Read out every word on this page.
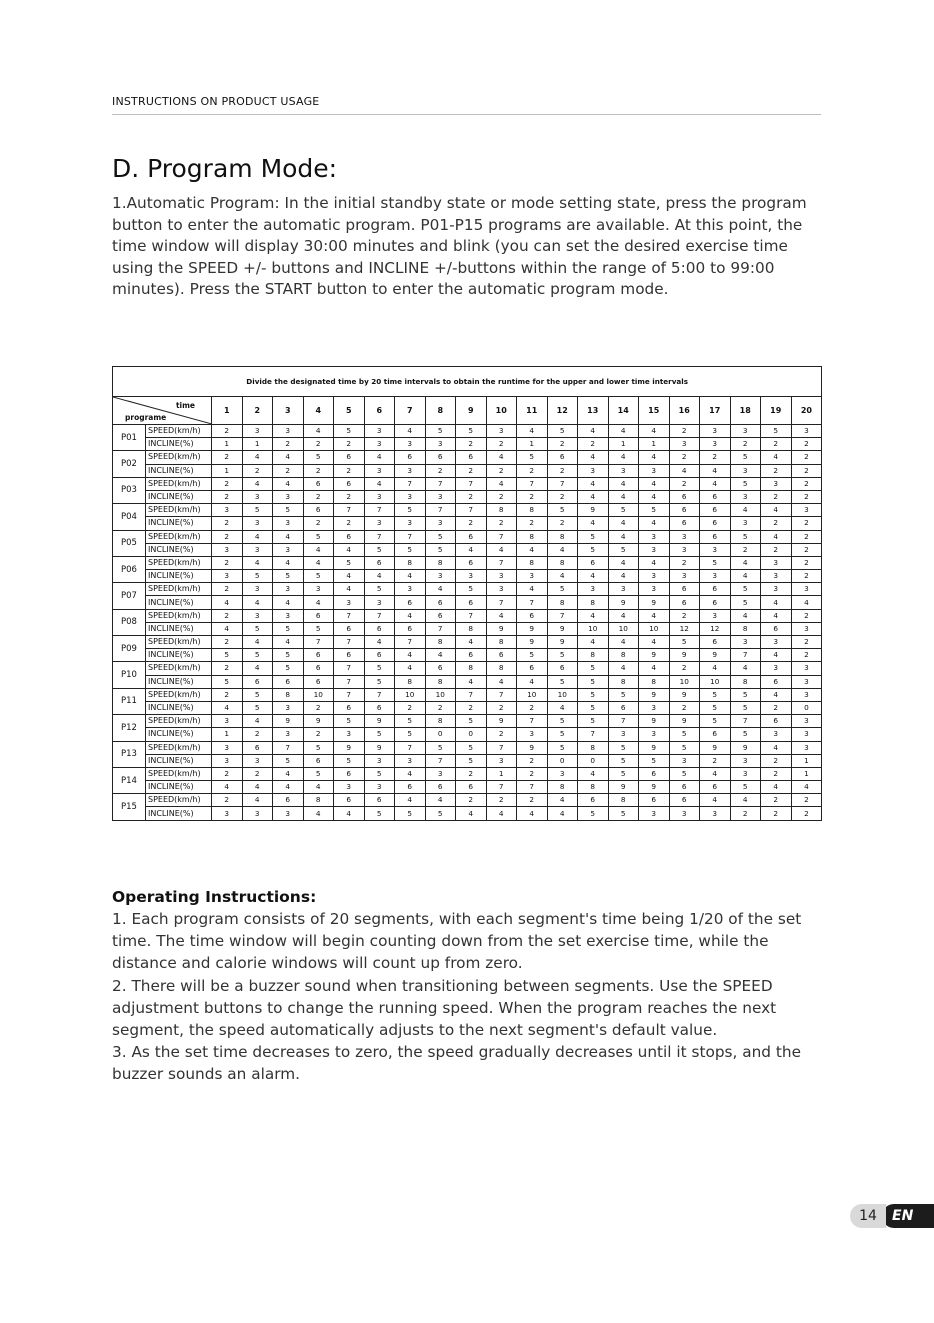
INSTRUCTIONS ON PRODUCT USAGE
D. Program Mode:

1.Automatic Program: In the initial standby state or mode setting state, press the program button to enter the automatic program. P01-P15 programs are available. At this point, the time window will display 30:00 minutes and blink (you can set the desired exercise time using the SPEED +/- buttons and INCLINE +/-buttons within the range of 5:00 to 99:00 minutes). Press the START button to enter the automatic program mode.

Divide the designated time by 20 time intervals to obtain the runtime for the upper and lower time intervals																					

time
programe		1	2	3	4	5	6	7	8	9	10	11	12	13	14	15	16	17	18	19	20
P01	SPEED(km/h)	2	3	3	4	5	3	4	5	5	3	4	5	4	4	4	2	3	3	5	3
	INCLINE(%)	1	1	2	2	2	3	3	3	2	2	1	2	2	1	1	3	3	2	2	2
P02	SPEED(km/h)	2	4	4	5	6	4	6	6	6	4	5	6	4	4	4	2	2	5	4	2
	INCLINE(%)	1	2	2	2	2	3	3	2	2	2	2	2	3	3	3	4	4	3	2	2
P03	SPEED(km/h)	2	4	4	6	6	4	7	7	7	4	7	7	4	4	4	2	4	5	3	2
	INCLINE(%)	2	3	3	2	2	3	3	3	2	2	2	2	4	4	4	6	6	3	2	2
P04	SPEED(km/h)	3	5	5	6	7	7	5	7	7	8	8	5	9	5	5	6	6	4	4	3
	INCLINE(%)	2	3	3	2	2	3	3	3	2	2	2	2	4	4	4	6	6	3	2	2
P05	SPEED(km/h)	2	4	4	5	6	7	7	5	6	7	8	8	5	4	3	3	6	5	4	2
	INCLINE(%)	3	3	3	4	4	5	5	5	4	4	4	4	5	5	3	3	3	2	2	2
P06	SPEED(km/h)	2	4	4	4	5	6	8	8	6	7	8	8	6	4	4	2	5	4	3	2
	INCLINE(%)	3	5	5	5	4	4	4	3	3	3	3	4	4	4	3	3	3	4	3	2
P07	SPEED(km/h)	2	3	3	3	4	5	3	4	5	3	4	5	3	3	3	6	6	5	3	3
	INCLINE(%)	4	4	4	4	3	3	6	6	6	7	7	8	8	9	9	6	6	5	4	4
P08	SPEED(km/h)	2	3	3	6	7	7	4	6	7	4	6	7	4	4	4	2	3	4	4	2
	INCLINE(%)	4	5	5	5	6	6	6	7	8	9	9	9	10	10	10	12	12	8	6	3
P09	SPEED(km/h)	2	4	4	7	7	4	7	8	4	8	9	9	4	4	4	5	6	3	3	2
	INCLINE(%)	5	5	5	6	6	6	4	4	6	6	5	5	8	8	9	9	9	7	4	2
P10	SPEED(km/h)	2	4	5	6	7	5	4	6	8	8	6	6	5	4	4	2	4	4	3	3
	INCLINE(%)	5	6	6	6	7	5	8	8	4	4	4	5	5	8	8	10	10	8	6	3
P11	SPEED(km/h)	2	5	8	10	7	7	10	10	7	7	10	10	5	5	9	9	5	5	4	3
	INCLINE(%)	4	5	3	2	6	6	2	2	2	2	2	4	5	6	3	2	5	5	2	0
P12	SPEED(km/h)	3	4	9	9	5	9	5	8	5	9	7	5	5	7	9	9	5	7	6	3
	INCLINE(%)	1	2	3	2	3	5	5	0	0	2	3	5	7	3	3	5	6	5	3	3
P13	SPEED(km/h)	3	6	7	5	9	9	7	5	5	7	9	5	8	5	9	5	9	9	4	3
	INCLINE(%)	3	3	5	6	5	3	3	7	5	3	2	0	0	5	5	3	2	3	2	1
P14	SPEED(km/h)	2	2	4	5	6	5	4	3	2	1	2	3	4	5	6	5	4	3	2	1
	INCLINE(%)	4	4	4	4	3	3	6	6	6	7	7	8	8	9	9	6	6	5	4	4
P15	SPEED(km/h)	2	4	6	8	6	6	4	4	2	2	2	4	6	8	6	6	4	4	2	2
	INCLINE(%)	3	3	3	4	4	5	5	5	4	4	4	4	5	5	3	3	3	2	2	2
Operating Instructions:

1. Each program consists of 20 segments, with each segment's time being 1/20 of the set time. The time window will begin counting down from the set exercise time, while the distance and calorie windows will count up from zero.

2. There will be a buzzer sound when transitioning between segments. Use the SPEED adjustment buttons to change the running speed. When the program reaches the next segment, the speed automatically adjusts to the next segment's default value.

3. As the set time decreases to zero, the speed gradually decreases until it stops, and the buzzer sounds an alarm.

EN
14
